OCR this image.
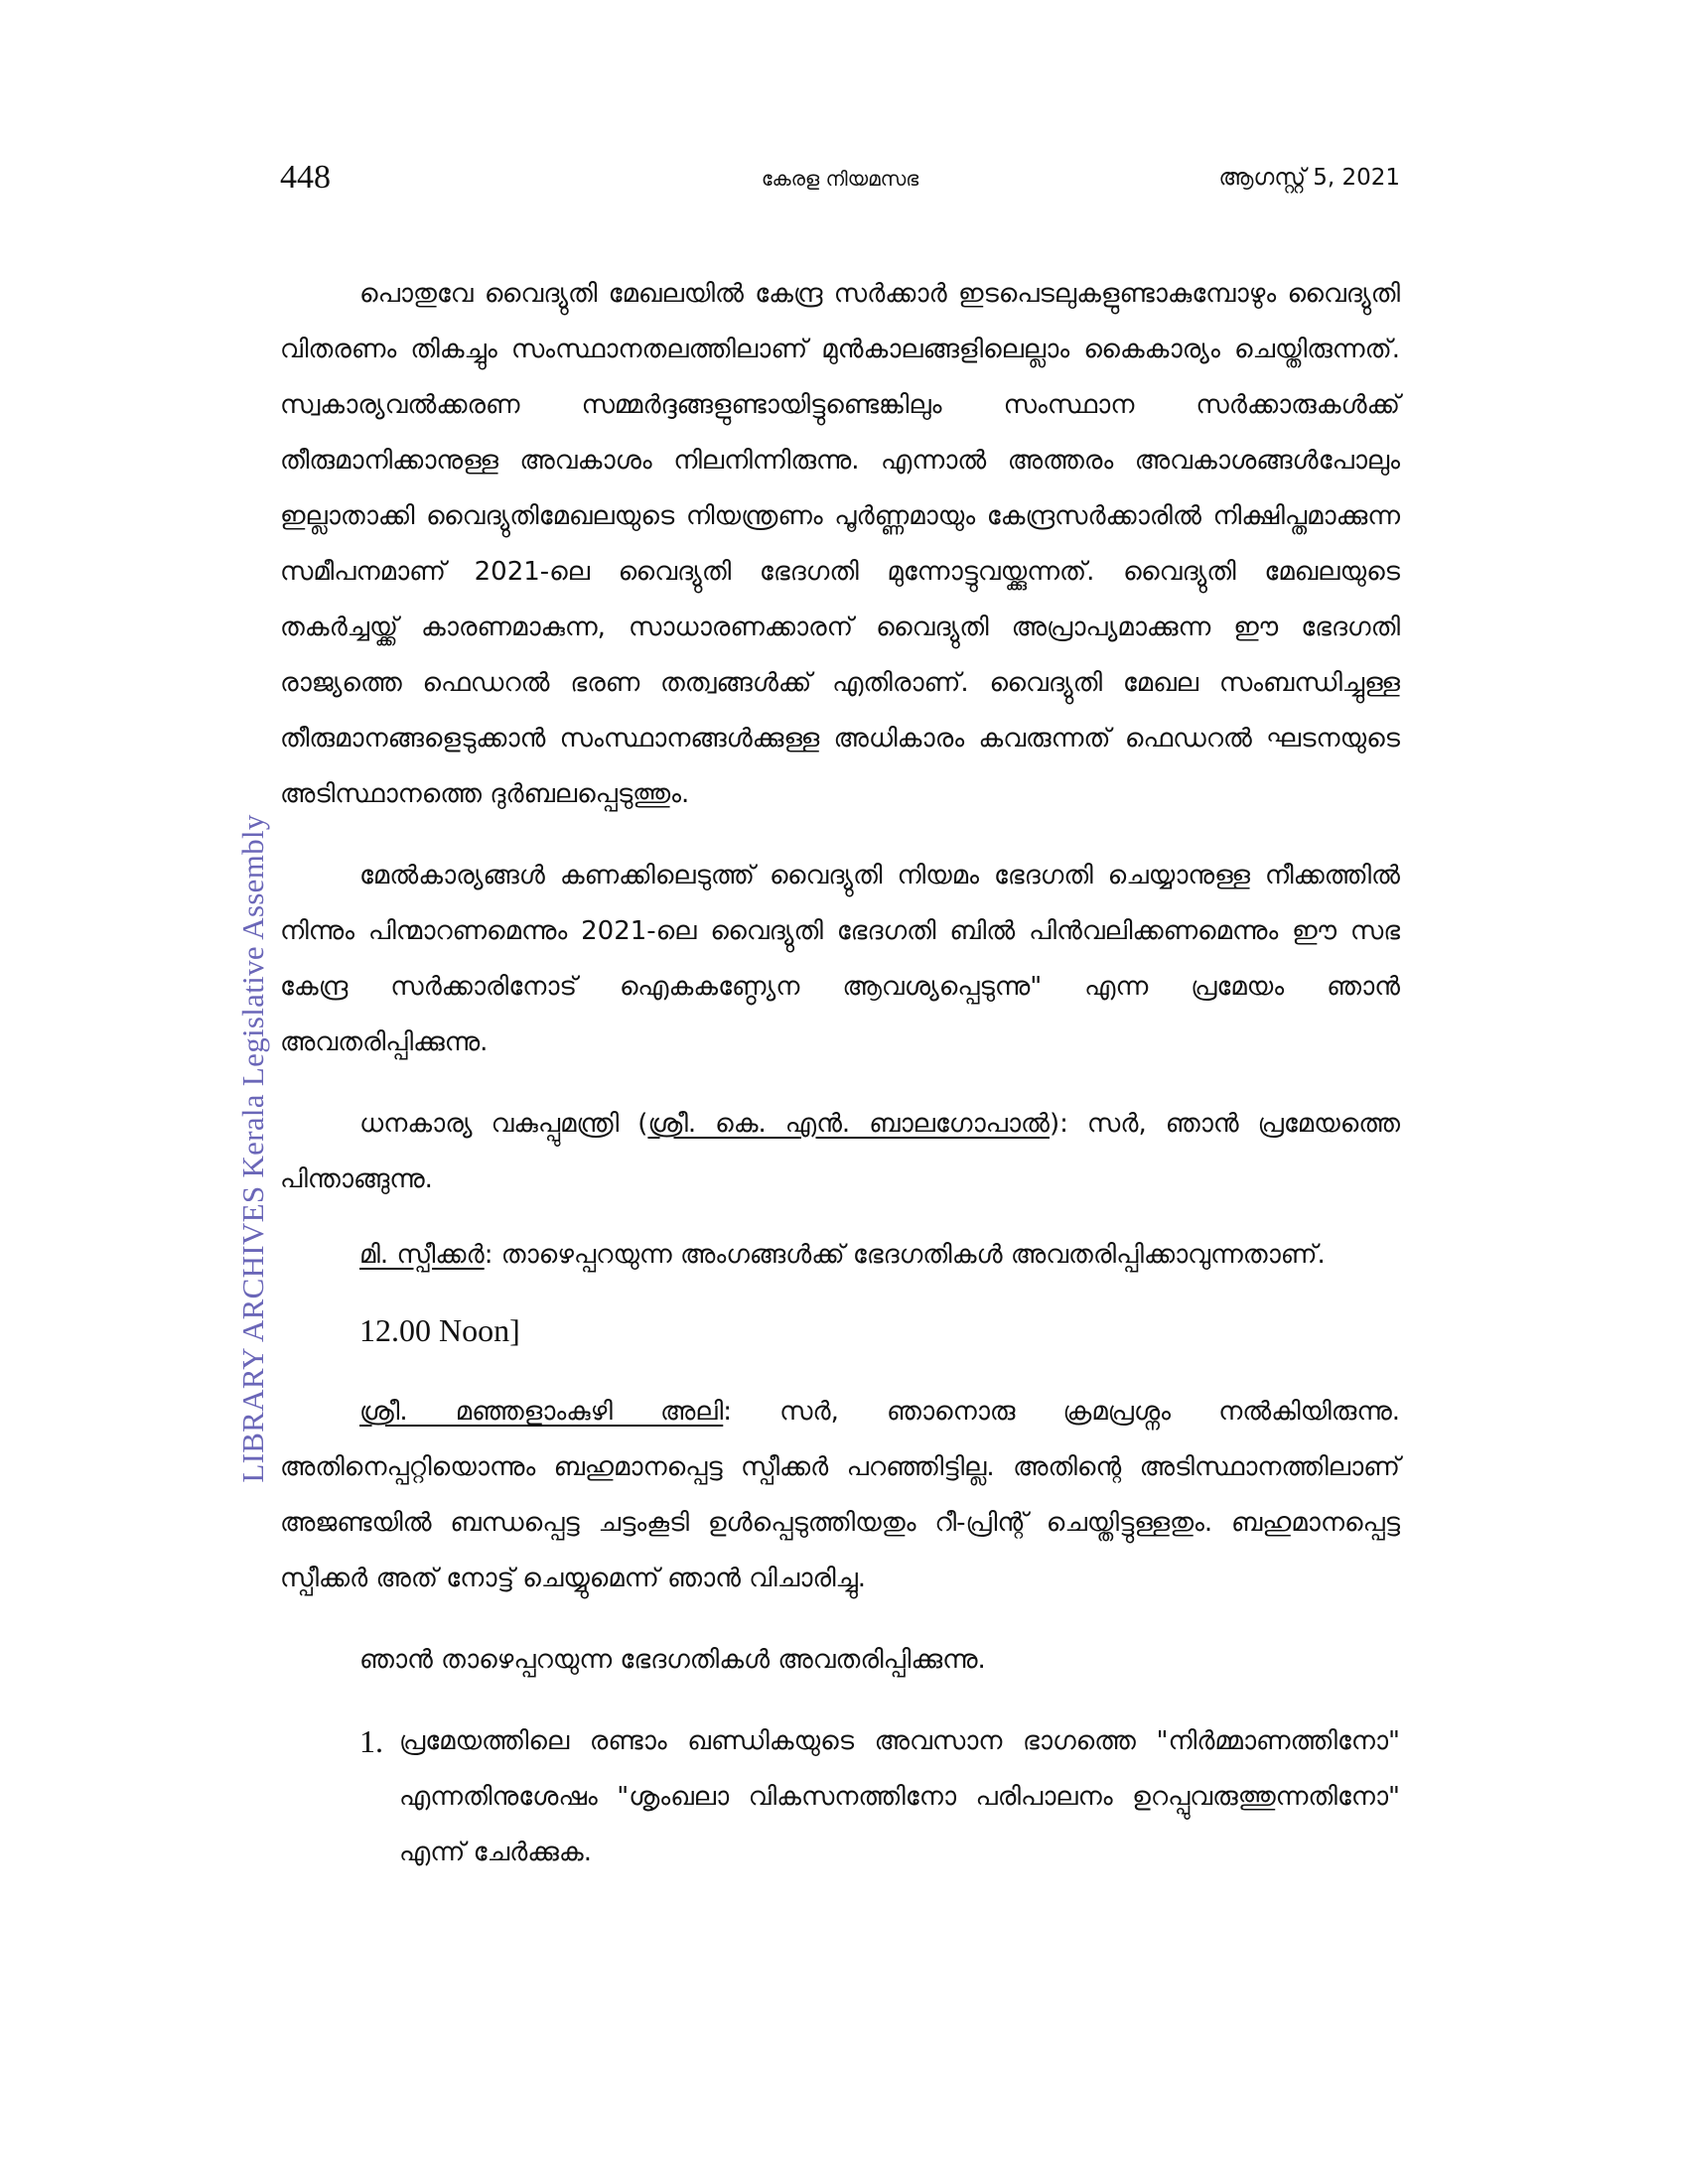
448	കേരള നിയമസഭ	ആഗസ്റ്റ് 5, 2021
LIBRARY ARCHIVES Kerala Legislative Assembly

പൊതുവേ വൈദ്യുതി മേഖലയിൽ കേന്ദ്ര സർക്കാർ ഇടപെടലുകളുണ്ടാകുമ്പോഴും വൈദ്യുതി വിതരണം തികച്ചും സംസ്ഥാനതലത്തിലാണ് മുൻകാലങ്ങളിലെല്ലാം കൈകാര്യം ചെയ്തിരുന്നത്. സ്വകാര്യവൽക്കരണ സമ്മർദ്ദങ്ങളുണ്ടായിട്ടുണ്ടെങ്കിലും സംസ്ഥാന സർക്കാരുകൾക്ക് തീരുമാനിക്കാനുള്ള അവകാശം നിലനിന്നിരുന്നു. എന്നാൽ അത്തരം അവകാശങ്ങൾപോലും ഇല്ലാതാക്കി വൈദ്യുതിമേഖലയുടെ നിയന്ത്രണം പൂർണ്ണമായും കേന്ദ്രസർക്കാരിൽ നിക്ഷിപ്തമാക്കുന്ന സമീപനമാണ് 2021-ലെ വൈദ്യുതി ഭേദഗതി മുന്നോട്ടുവയ്ക്കുന്നത്. വൈദ്യുതി മേഖലയുടെ തകർച്ചയ്ക്ക് കാരണമാകുന്ന, സാധാരണക്കാരന് വൈദ്യുതി അപ്രാപ്യമാക്കുന്ന ഈ ഭേദഗതി രാജ്യത്തെ ഫെഡറൽ ഭരണ തത്വങ്ങൾക്ക് എതിരാണ്. വൈദ്യുതി മേഖല സംബന്ധിച്ചുള്ള തീരുമാനങ്ങളെടുക്കാൻ സംസ്ഥാനങ്ങൾക്കുള്ള അധികാരം കവരുന്നത് ഫെഡറൽ ഘടനയുടെ അടിസ്ഥാനത്തെ ദുർബലപ്പെടുത്തും.

മേൽകാര്യങ്ങൾ കണക്കിലെടുത്ത് വൈദ്യുതി നിയമം ഭേദഗതി ചെയ്യാനുള്ള നീക്കത്തിൽ നിന്നും പിന്മാറണമെന്നും 2021-ലെ വൈദ്യുതി ഭേദഗതി ബിൽ പിൻവലിക്കണമെന്നും ഈ സഭ കേന്ദ്ര സർക്കാരിനോട് ഐകകണ്ഠ്യേന ആവശ്യപ്പെടുന്നു" എന്ന പ്രമേയം ഞാൻ അവതരിപ്പിക്കുന്നു.

ധനകാര്യ വകുപ്പുമന്ത്രി (ശ്രീ. കെ. എൻ. ബാലഗോപാൽ): സർ, ഞാൻ പ്രമേയത്തെ പിന്താങ്ങുന്നു.

മി. സ്പീക്കർ: താഴെപ്പറയുന്ന അംഗങ്ങൾക്ക് ഭേദഗതികൾ അവതരിപ്പിക്കാവുന്നതാണ്.

12.00 Noon]

ശ്രീ. മഞ്ഞളാംകുഴി അലി: സർ, ഞാനൊരു ക്രമപ്രശ്നം നൽകിയിരുന്നു. അതിനെപ്പറ്റിയൊന്നും ബഹുമാനപ്പെട്ട സ്പീക്കർ പറഞ്ഞിട്ടില്ല. അതിന്റെ അടിസ്ഥാനത്തിലാണ് അജണ്ടയിൽ ബന്ധപ്പെട്ട ചട്ടംകൂടി ഉൾപ്പെടുത്തിയതും റീ-പ്രിന്റ് ചെയ്തിട്ടുള്ളതും. ബഹുമാനപ്പെട്ട സ്പീക്കർ അത് നോട്ട് ചെയ്യുമെന്ന് ഞാൻ വിചാരിച്ചു.

ഞാൻ താഴെപ്പറയുന്ന ഭേദഗതികൾ അവതരിപ്പിക്കുന്നു.

1. പ്രമേയത്തിലെ രണ്ടാം ഖണ്ഡികയുടെ അവസാന ഭാഗത്തെ "നിർമ്മാണത്തിനോ" എന്നതിനുശേഷം "ശൃംഖലാ വികസനത്തിനോ പരിപാലനം ഉറപ്പുവരുത്തുന്നതിനോ" എന്ന് ചേർക്കുക.
